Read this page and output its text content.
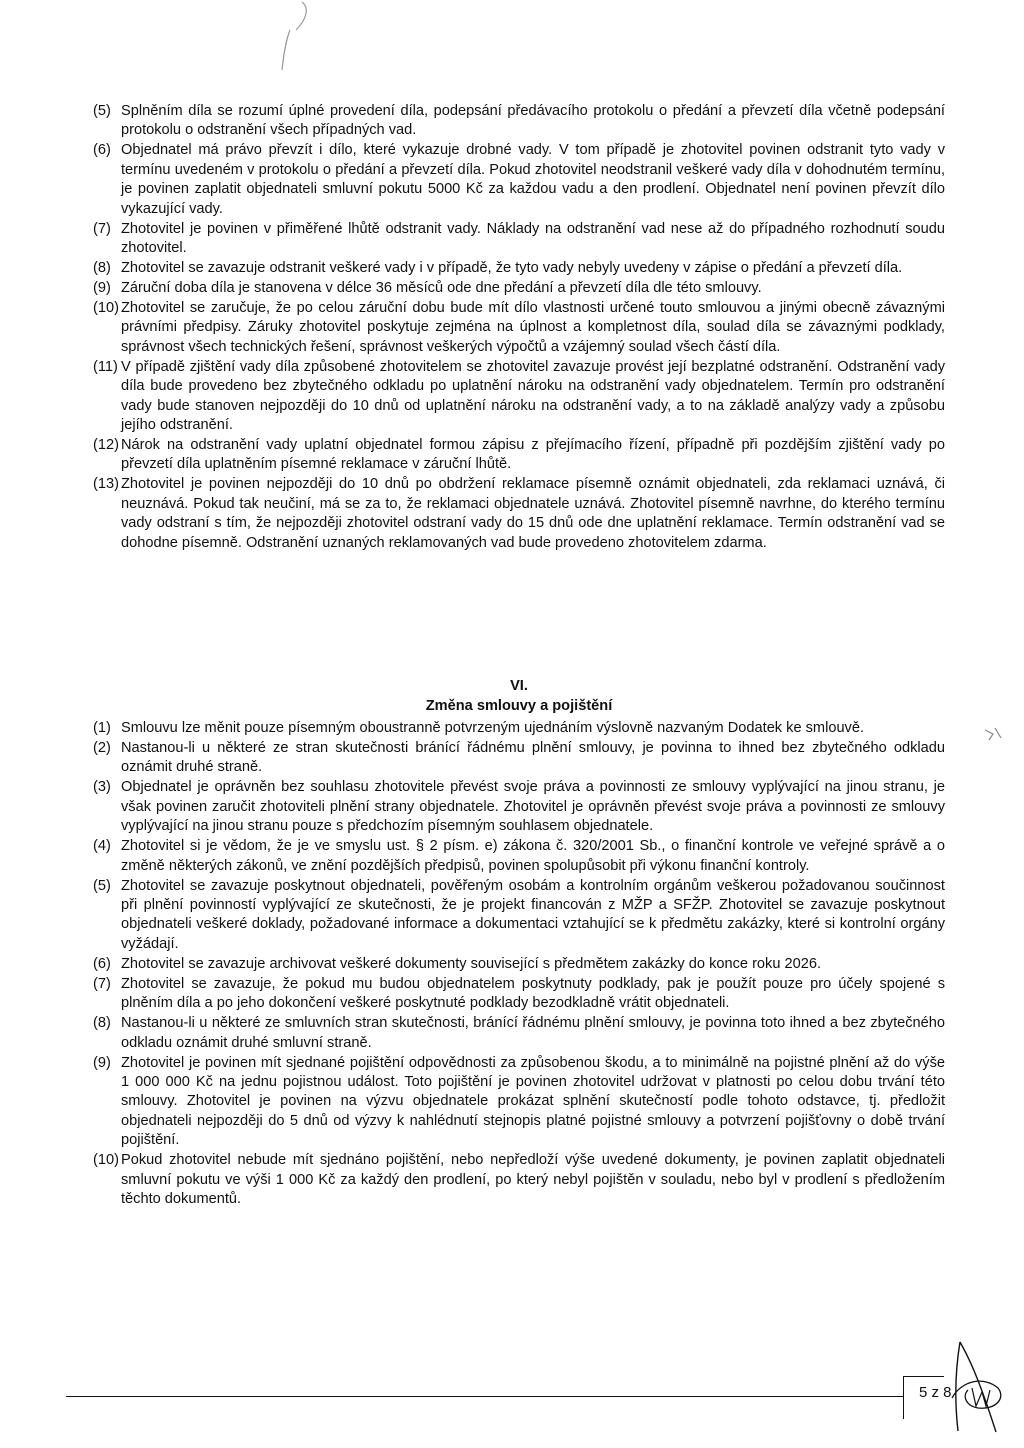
(5) Splněním díla se rozumí úplné provedení díla, podepsání předávacího protokolu o předání a převzetí díla včetně podepsání protokolu o odstranění všech případných vad.
(6) Objednatel má právo převzít i dílo, které vykazuje drobné vady. V tom případě je zhotovitel povinen odstranit tyto vady v termínu uvedeném v protokolu o předání a převzetí díla. Pokud zhotovitel neodstranil veškeré vady díla v dohodnutém termínu, je povinen zaplatit objednateli smluvní pokutu 5000 Kč za každou vadu a den prodlení. Objednatel není povinen převzít dílo vykazující vady.
(7) Zhotovitel je povinen v přiměřené lhůtě odstranit vady. Náklady na odstranění vad nese až do případného rozhodnutí soudu zhotovitel.
(8) Zhotovitel se zavazuje odstranit veškeré vady i v případě, že tyto vady nebyly uvedeny v zápise o předání a převzetí díla.
(9) Záruční doba díla je stanovena v délce 36 měsíců ode dne předání a převzetí díla dle této smlouvy.
(10) Zhotovitel se zaručuje, že po celou záruční dobu bude mít dílo vlastnosti určené touto smlouvou a jinými obecně závaznými právními předpisy. Záruky zhotovitel poskytuje zejména na úplnost a kompletnost díla, soulad díla se závaznými podklady, správnost všech technických řešení, správnost veškerých výpočtů a vzájemný soulad všech částí díla.
(11) V případě zjištění vady díla způsobené zhotovitelem se zhotovitel zavazuje provést její bezplatné odstranění. Odstranění vady díla bude provedeno bez zbytečného odkladu po uplatnění nároku na odstranění vady objednatelem. Termín pro odstranění vady bude stanoven nejpozději do 10 dnů od uplatnění nároku na odstranění vady, a to na základě analýzy vady a způsobu jejího odstranění.
(12) Nárok na odstranění vady uplatní objednatel formou zápisu z přejímacího řízení, případně při pozdějším zjištění vady po převzetí díla uplatněním písemné reklamace v záruční lhůtě.
(13) Zhotovitel je povinen nejpozději do 10 dnů po obdržení reklamace písemně oznámit objednateli, zda reklamaci uznává, či neuznává. Pokud tak neučiní, má se za to, že reklamaci objednatele uznává. Zhotovitel písemně navrhne, do kterého termínu vady odstraní s tím, že nejpozději zhotovitel odstraní vady do 15 dnů ode dne uplatnění reklamace. Termín odstranění vad se dohodne písemně. Odstranění uznaných reklamovaných vad bude provedeno zhotovitelem zdarma.
VI.
Změna smlouvy a pojištění
(1) Smlouvu lze měnit pouze písemným oboustranně potvrzeným ujednáním výslovně nazvaným Dodatek ke smlouvě.
(2) Nastanou-li u některé ze stran skutečnosti bránící řádnému plnění smlouvy, je povinna to ihned bez zbytečného odkladu oznámit druhé straně.
(3) Objednatel je oprávněn bez souhlasu zhotovitele převést svoje práva a povinnosti ze smlouvy vyplývající na jinou stranu, je však povinen zaručit zhotoviteli plnění strany objednatele. Zhotovitel je oprávněn převést svoje práva a povinnosti ze smlouvy vyplývající na jinou stranu pouze s předchozím písemným souhlasem objednatele.
(4) Zhotovitel si je vědom, že je ve smyslu ust. § 2 písm. e) zákona č. 320/2001 Sb., o finanční kontrole ve veřejné správě a o změně některých zákonů, ve znění pozdějších předpisů, povinen spolupůsobit při výkonu finanční kontroly.
(5) Zhotovitel se zavazuje poskytnout objednateli, pověřeným osobám a kontrolním orgánům veškerou požadovanou součinnost při plnění povinností vyplývající ze skutečnosti, že je projekt financován z MŽP a SFŽP. Zhotovitel se zavazuje poskytnout objednateli veškeré doklady, požadované informace a dokumentaci vztahující se k předmětu zakázky, které si kontrolní orgány vyžádají.
(6) Zhotovitel se zavazuje archivovat veškeré dokumenty související s předmětem zakázky do konce roku 2026.
(7) Zhotovitel se zavazuje, že pokud mu budou objednatelem poskytnuty podklady, pak je použít pouze pro účely spojené s plněním díla a po jeho dokončení veškeré poskytnuté podklady bezodkladně vrátit objednateli.
(8) Nastanou-li u některé ze smluvních stran skutečnosti, bránící řádnému plnění smlouvy, je povinna toto ihned a bez zbytečného odkladu oznámit druhé smluvní straně.
(9) Zhotovitel je povinen mít sjednané pojištění odpovědnosti za způsobenou škodu, a to minimálně na pojistné plnění až do výše 1 000 000 Kč na jednu pojistnou událost. Toto pojištění je povinen zhotovitel udržovat v platnosti po celou dobu trvání této smlouvy. Zhotovitel je povinen na výzvu objednatele prokázat splnění skutečností podle tohoto odstavce, tj. předložit objednateli nejpozději do 5 dnů od výzvy k nahlédnutí stejnopis platné pojistné smlouvy a potvrzení pojišťovny o době trvání pojištění.
(10) Pokud zhotovitel nebude mít sjednáno pojištění, nebo nepředloží výše uvedené dokumenty, je povinen zaplatit objednateli smluvní pokutu ve výši 1 000 Kč za každý den prodlení, po který nebyl pojištěn v souladu, nebo byl v prodlení s předložením těchto dokumentů.
5 z 8
